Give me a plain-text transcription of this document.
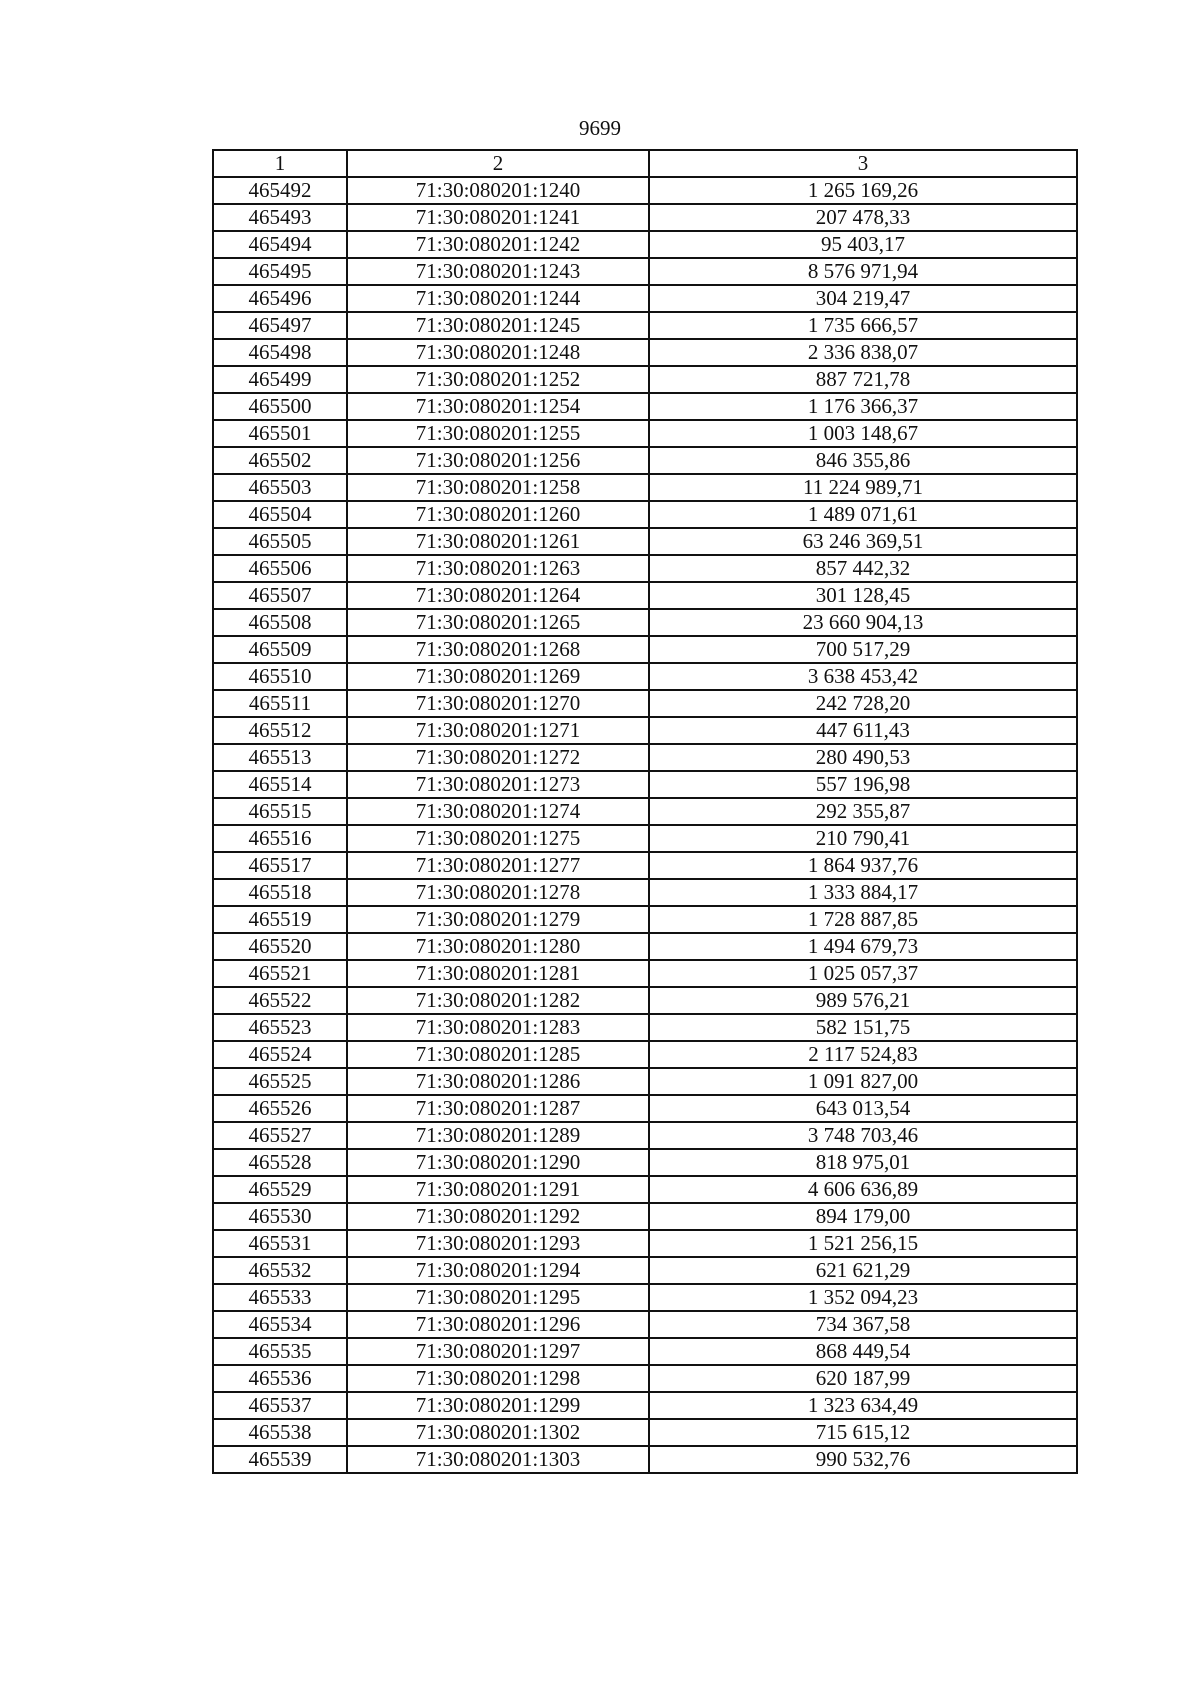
9699
1	2	3
465492	71:30:080201:1240	1 265 169,26
465493	71:30:080201:1241	207 478,33
465494	71:30:080201:1242	95 403,17
465495	71:30:080201:1243	8 576 971,94
465496	71:30:080201:1244	304 219,47
465497	71:30:080201:1245	1 735 666,57
465498	71:30:080201:1248	2 336 838,07
465499	71:30:080201:1252	887 721,78
465500	71:30:080201:1254	1 176 366,37
465501	71:30:080201:1255	1 003 148,67
465502	71:30:080201:1256	846 355,86
465503	71:30:080201:1258	11 224 989,71
465504	71:30:080201:1260	1 489 071,61
465505	71:30:080201:1261	63 246 369,51
465506	71:30:080201:1263	857 442,32
465507	71:30:080201:1264	301 128,45
465508	71:30:080201:1265	23 660 904,13
465509	71:30:080201:1268	700 517,29
465510	71:30:080201:1269	3 638 453,42
465511	71:30:080201:1270	242 728,20
465512	71:30:080201:1271	447 611,43
465513	71:30:080201:1272	280 490,53
465514	71:30:080201:1273	557 196,98
465515	71:30:080201:1274	292 355,87
465516	71:30:080201:1275	210 790,41
465517	71:30:080201:1277	1 864 937,76
465518	71:30:080201:1278	1 333 884,17
465519	71:30:080201:1279	1 728 887,85
465520	71:30:080201:1280	1 494 679,73
465521	71:30:080201:1281	1 025 057,37
465522	71:30:080201:1282	989 576,21
465523	71:30:080201:1283	582 151,75
465524	71:30:080201:1285	2 117 524,83
465525	71:30:080201:1286	1 091 827,00
465526	71:30:080201:1287	643 013,54
465527	71:30:080201:1289	3 748 703,46
465528	71:30:080201:1290	818 975,01
465529	71:30:080201:1291	4 606 636,89
465530	71:30:080201:1292	894 179,00
465531	71:30:080201:1293	1 521 256,15
465532	71:30:080201:1294	621 621,29
465533	71:30:080201:1295	1 352 094,23
465534	71:30:080201:1296	734 367,58
465535	71:30:080201:1297	868 449,54
465536	71:30:080201:1298	620 187,99
465537	71:30:080201:1299	1 323 634,49
465538	71:30:080201:1302	715 615,12
465539	71:30:080201:1303	990 532,76
